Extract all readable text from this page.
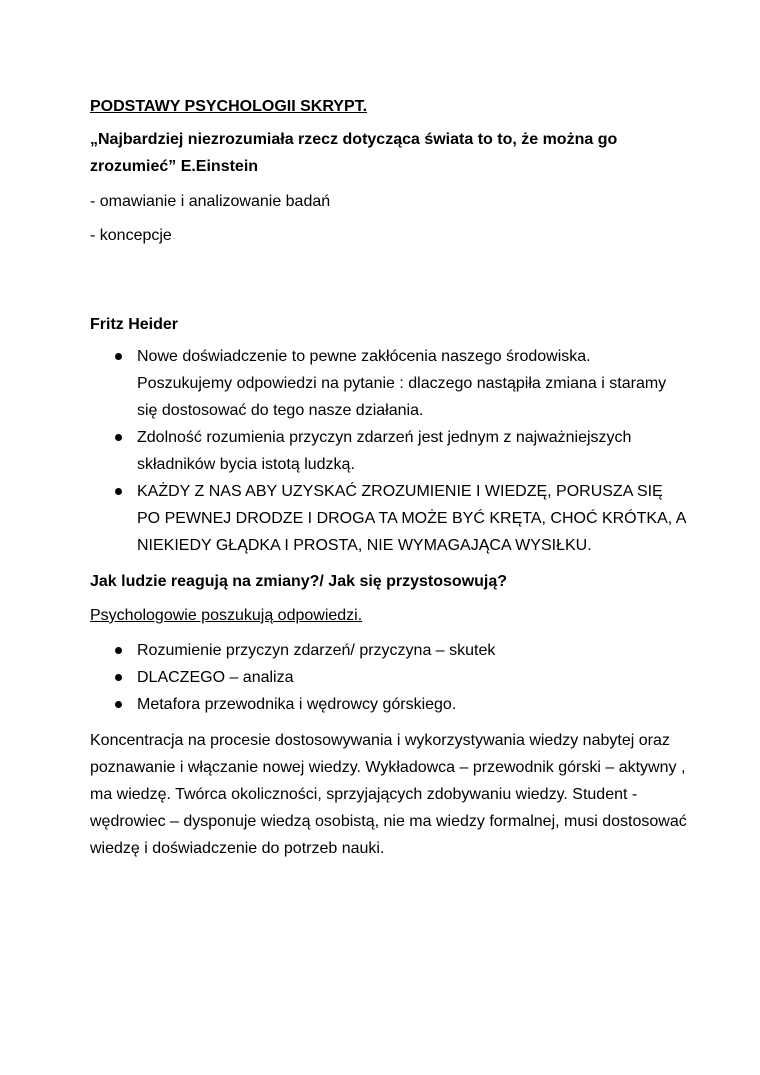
PODSTAWY PSYCHOLOGII SKRYPT.

„Najbardziej niezrozumiała rzecz dotycząca świata to to, że można go zrozumieć” E.Einstein

- omawianie i analizowanie badań

- koncepcje

Fritz Heider

Nowe doświadczenie to pewne zakłócenia naszego środowiska. Poszukujemy odpowiedzi na pytanie : dlaczego nastąpiła zmiana i staramy się dostosować do tego nasze działania.
Zdolność rozumienia przyczyn zdarzeń jest jednym z najważniejszych składników bycia istotą ludzką.
KAŻDY Z NAS ABY UZYSKAĆ ZROZUMIENIE I WIEDZĘ, PORUSZA SIĘ PO PEWNEJ DRODZE I DROGA TA MOŻE BYĆ KRĘTA, CHOĆ KRÓTKA, A NIEKIEDY GŁĄDKA I PROSTA, NIE WYMAGAJĄCA WYSIŁKU.

Jak ludzie reagują na zmiany?/ Jak się przystosowują?

Psychologowie poszukują odpowiedzi.

Rozumienie przyczyn zdarzeń/ przyczyna – skutek
DLACZEGO – analiza
Metafora przewodnika i wędrowcy górskiego.

Koncentracja na procesie dostosowywania i wykorzystywania wiedzy nabytej oraz poznawanie i włączanie nowej wiedzy. Wykładowca – przewodnik górski – aktywny , ma wiedzę. Twórca okoliczności, sprzyjających zdobywaniu wiedzy. Student -wędrowiec – dysponuje wiedzą osobistą, nie ma wiedzy formalnej, musi dostosować wiedzę i doświadczenie do potrzeb nauki.
